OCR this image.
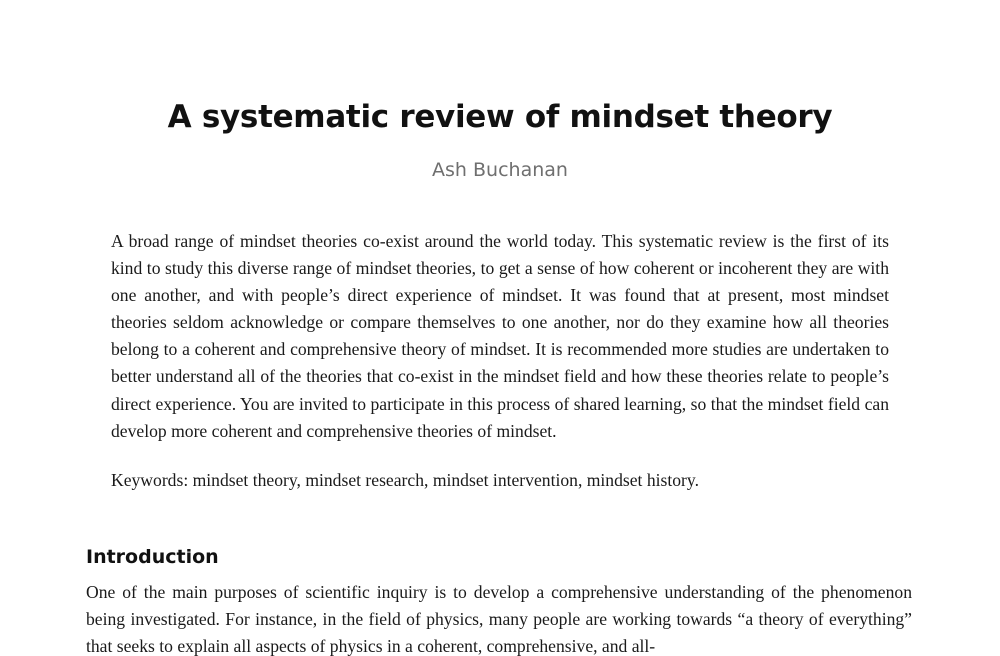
A systematic review of mindset theory
Ash Buchanan

A broad range of mindset theories co-exist around the world today. This systematic review is the first of its kind to study this diverse range of mindset theories, to get a sense of how coherent or incoherent they are with one another, and with people’s direct experience of mindset. It was found that at present, most mindset theories seldom acknowledge or compare themselves to one another, nor do they examine how all theories belong to a coherent and comprehensive theory of mindset. It is recommended more studies are undertaken to better understand all of the theories that co-exist in the mindset field and how these theories relate to people’s direct experience. You are invited to participate in this process of shared learning, so that the mindset field can develop more coherent and comprehensive theories of mindset.

Keywords: mindset theory, mindset research, mindset intervention, mindset history.

Introduction

One of the main purposes of scientific inquiry is to develop a comprehensive understanding of the phenomenon being investigated. For instance, in the field of physics, many people are working towards “a theory of everything” that seeks to explain all aspects of physics in a coherent, comprehensive, and all-
